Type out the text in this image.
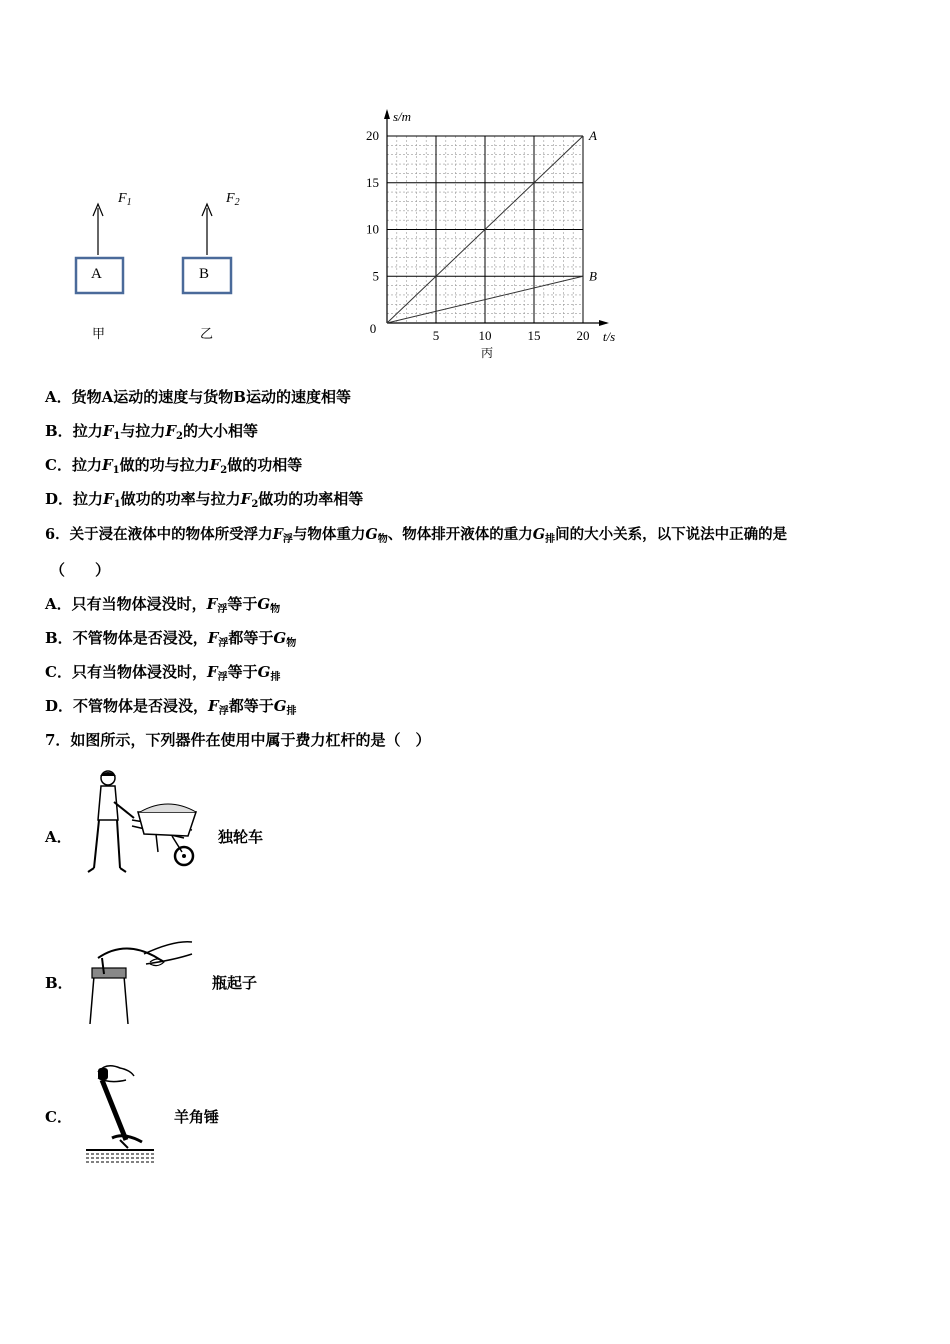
$F_1$	$F_2$
A	B
甲	乙
A
B
5	10	15	20
5
10
15
20
0
s/m
t/s
丙
A．货物A运动的速度与货物B运动的速度相等
B．拉力$F_1$与拉力$F_2$的大小相等
C．拉力$F_1$做的功与拉力$F_2$做的功相等
D．拉力$F_1$做功的功率与拉力$F_2$做功的功率相等
6．关于浸在液体中的物体所受浮力$F_浮$与物体重力$G_物$、物体排开液体的重力$G_排$间的大小关系，以下说法中正确的是
（　　）
A．只有当物体浸没时，$F_浮$等于$G_物$
B．不管物体是否浸没，$F_浮$都等于$G_物$
C．只有当物体浸没时，$F_浮$等于$G_排$
D．不管物体是否浸没，$F_浮$都等于$G_排$
7．如图所示，下列器件在使用中属于费力杠杆的是（　）
A．	独轮车
B．	瓶起子
C．	羊角锤
